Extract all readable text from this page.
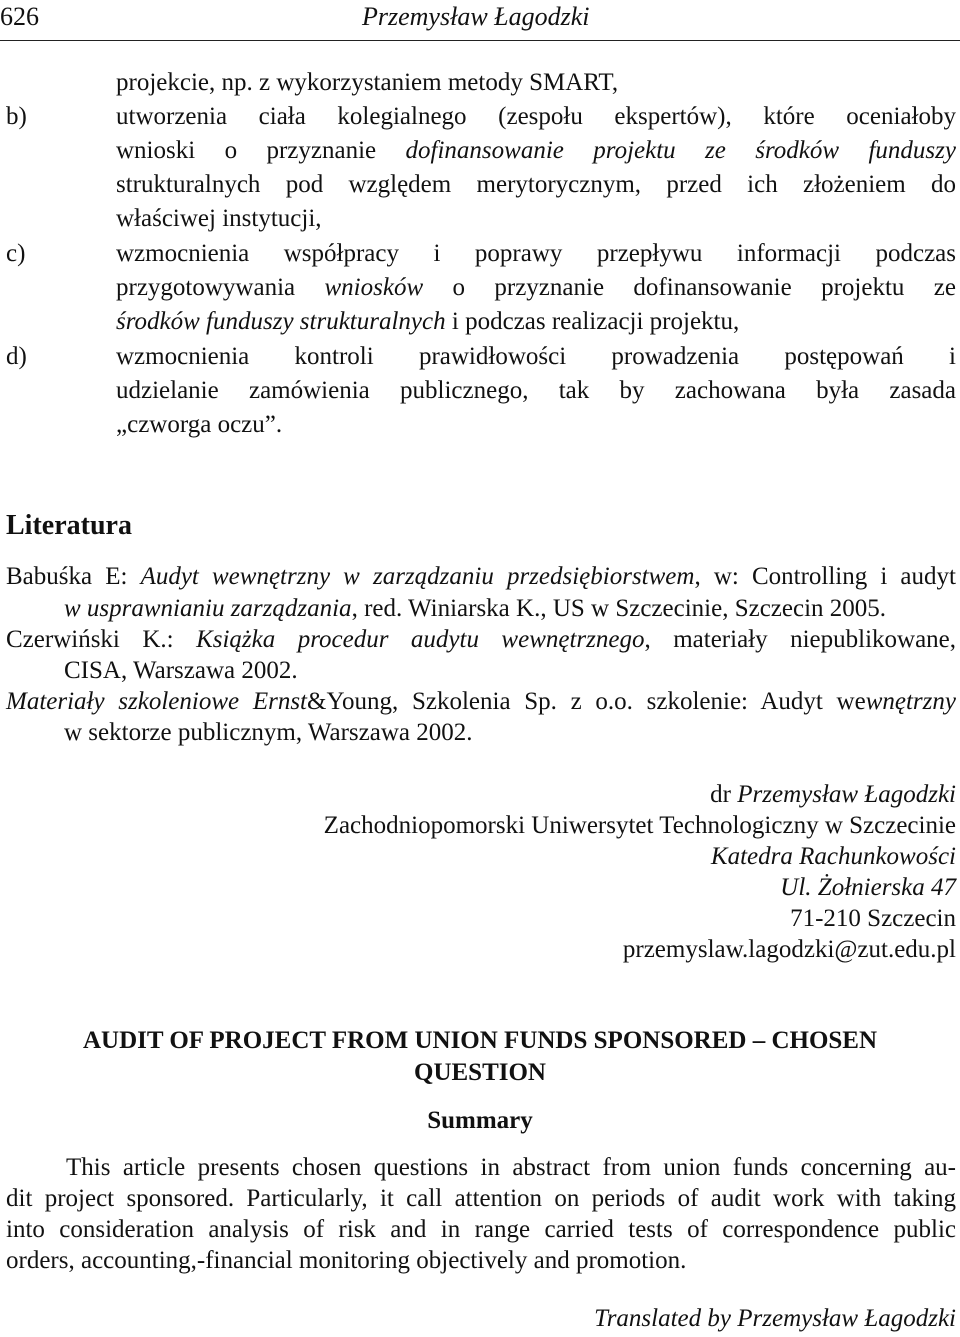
626	Przemysław Łagodzki
projekcie, np. z wykorzystaniem metody SMART,
b)	utworzenia ciała kolegialnego (zespołu ekspertów), które oceniałoby
wnioski o przyznanie dofinansowanie projektu ze środków funduszy
strukturalnych pod względem merytorycznym, przed ich złożeniem do
właściwej instytucji,
c)	wzmocnienia współpracy i poprawy przepływu informacji podczas
przygotowywania wniosków o przyznanie dofinansowanie projektu ze
środków funduszy strukturalnych i podczas realizacji projektu,
d)	wzmocnienia kontroli prawidłowości prowadzenia postępowań i
udzielanie zamówienia publicznego, tak by zachowana była zasada
„czworga oczu”.
Literatura
Babuśka E: Audyt wewnętrzny w zarządzaniu przedsiębiorstwem, w: Controlling i audyt
w usprawnianiu zarządzania, red. Winiarska K., US w Szczecinie, Szczecin 2005.
Czerwiński K.: Książka procedur audytu wewnętrznego, materiały niepublikowane,
CISA, Warszawa 2002.
Materiały szkoleniowe Ernst&Young, Szkolenia Sp. z o.o. szkolenie: Audyt wewnętrzny
w sektorze publicznym, Warszawa 2002.
dr Przemysław Łagodzki
Zachodniopomorski Uniwersytet Technologiczny w Szczecinie
Katedra Rachunkowości
Ul. Żołnierska 47
71-210 Szczecin
przemyslaw.lagodzki@zut.edu.pl
AUDIT OF PROJECT FROM UNION FUNDS SPONSORED – CHOSEN
QUESTION
Summary
This article presents chosen questions in abstract from union funds concerning au-
dit project sponsored. Particularly, it call attention on periods of audit work with taking
into consideration analysis of risk and in range carried tests of correspondence public
orders, accounting,-financial monitoring objectively and promotion.
Translated by Przemysław Łagodzki
